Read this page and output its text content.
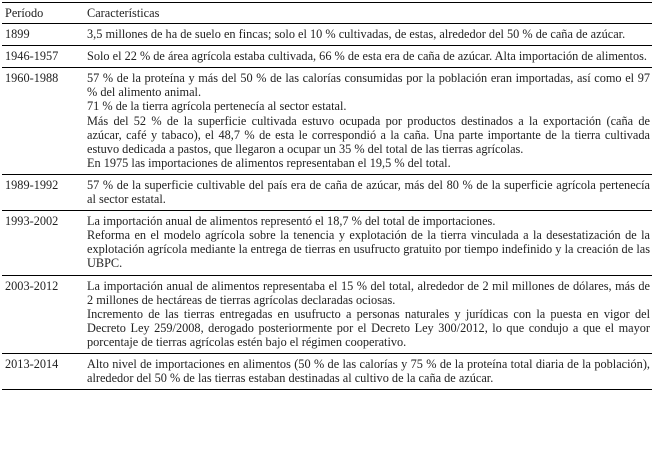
Período	Características
1899	3,5 millones de ha de suelo en fincas; solo el 10 % cultivadas, de estas, alrededor del 50 % de caña de azúcar.

1946-1957	Solo el 22 % de área agrícola estaba cultivada, 66 % de esta era de caña de azúcar. Alta importación de alimentos.

1960-1988	57 % de la proteína y más del 50 % de las calorías consumidas por la población eran importadas, así como el 97 % del alimento animal.

71 % de la tierra agrícola pertenecía al sector estatal.

Más del 52 % de la superficie cultivada estuvo ocupada por productos destinados a la exportación (caña de azúcar, café y tabaco), el 48,7 % de esta le correspondió a la caña. Una parte importante de la tierra cultivada estuvo dedicada a pastos, que llegaron a ocupar un 35 % del total de las tierras agrícolas.

En 1975 las importaciones de alimentos representaban el 19,5 % del total.

1989-1992	57 % de la superficie cultivable del país era de caña de azúcar, más del 80 % de la superficie agrícola pertenecía al sector estatal.

1993-2002	La importación anual de alimentos representó el 18,7 % del total de importaciones.

Reforma en el modelo agrícola sobre la tenencia y explotación de la tierra vinculada a la desestatización de la explotación agrícola mediante la entrega de tierras en usufructo gratuito por tiempo indefinido y la creación de las UBPC.

2003-2012	La importación anual de alimentos representaba el 15 % del total, alrededor de 2 mil millones de dólares, más de 2 millones de hectáreas de tierras agrícolas declaradas ociosas.

Incremento de las tierras entregadas en usufructo a personas naturales y jurídicas con la puesta en vigor del Decreto Ley 259/2008, derogado posteriormente por el Decreto Ley 300/2012, lo que condujo a que el mayor porcentaje de tierras agrícolas estén bajo el régimen cooperativo.

2013-2014	Alto nivel de importaciones en alimentos (50 % de las calorías y 75 % de la proteína total diaria de la población), alrededor del 50 % de las tierras estaban destinadas al cultivo de la caña de azúcar.
